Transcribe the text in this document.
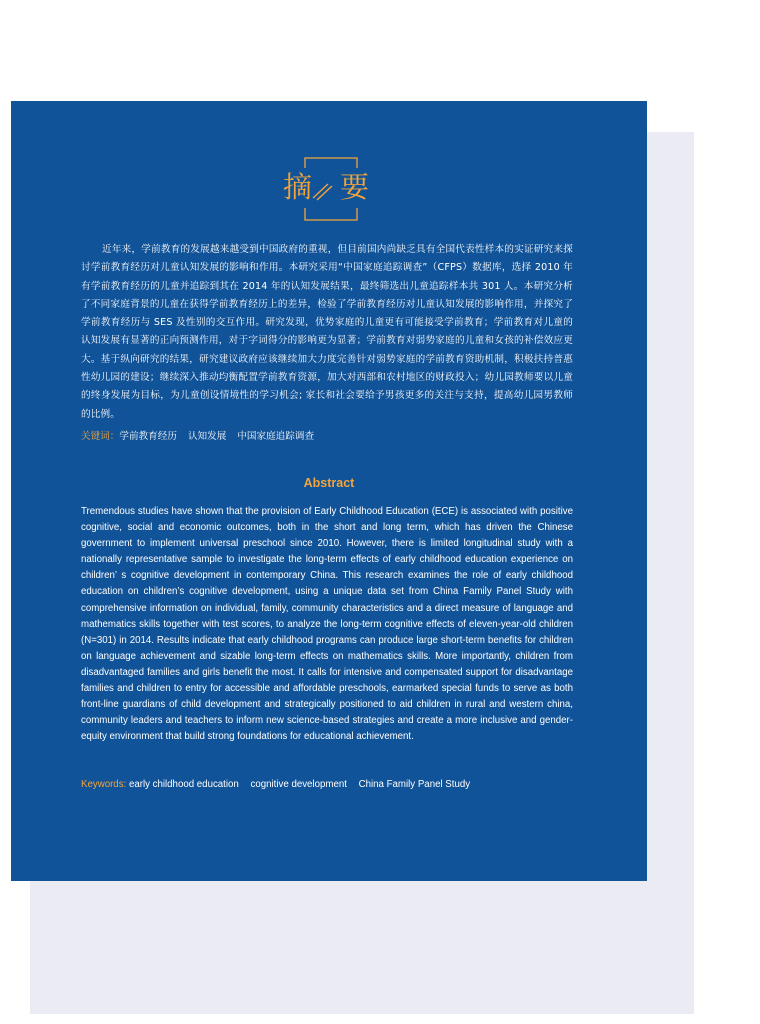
摘 要
近年来，学前教育的发展越来越受到中国政府的重视，但目前国内尚缺乏具有全国代表性样本的实证研究来探讨学前教育经历对儿童认知发展的影响和作用。本研究采用“中国家庭追踪调查”（CFPS）数据库，选择 2010 年有学前教育经历的儿童并追踪到其在 2014 年的认知发展结果，最终筛选出儿童追踪样本共 301 人。本研究分析了不同家庭背景的儿童在获得学前教育经历上的差异，检验了学前教育经历对儿童认知发展的影响作用，并探究了学前教育经历与 SES 及性别的交互作用。研究发现，优势家庭的儿童更有可能接受学前教育；学前教育对儿童的认知发展有显著的正向预测作用，对于字词得分的影响更为显著；学前教育对弱势家庭的儿童和女孩的补偿效应更大。基于纵向研究的结果，研究建议政府应该继续加大力度完善针对弱势家庭的学前教育资助机制，积极扶持普惠性幼儿园的建设；继续深入推动均衡配置学前教育资源，加大对西部和农村地区的财政投入；幼儿园教师要以儿童的终身发展为目标，为儿童创设情境性的学习机会; 家长和社会要给予男孩更多的关注与支持，提高幼儿园男教师的比例。
关键词：学前教育经历 认知发展 中国家庭追踪调查
Abstract
Tremendous studies have shown that the provision of Early Childhood Education (ECE) is associated with positive cognitive, social and economic outcomes, both in the short and long term, which has driven the Chinese government to implement universal preschool since 2010. However, there is limited longitudinal study with a nationally representative sample to investigate the long-term effects of early childhood education experience on children’ s cognitive development in contemporary China. This research examines the role of early childhood education on children’s cognitive development, using a unique data set from China Family Panel Study with comprehensive information on individual, family, community characteristics and a direct measure of language and mathematics skills together with test scores, to analyze the long-term cognitive effects of eleven-year-old children (N=301) in 2014. Results indicate that early childhood programs can produce large short-term benefits for children on language achievement and sizable long-term effects on mathematics skills. More importantly, children from disadvantaged families and girls benefit the most. It calls for intensive and compensated support for disadvantage families and children to entry for accessible and affordable preschools, earmarked special funds to serve as both front-line guardians of child development and strategically positioned to aid children in rural and western china, community leaders and teachers to inform new science-based strategies and create a more inclusive and gender-equity environment that build strong foundations for educational achievement.
Keywords: early childhood education cognitive development China Family Panel Study
